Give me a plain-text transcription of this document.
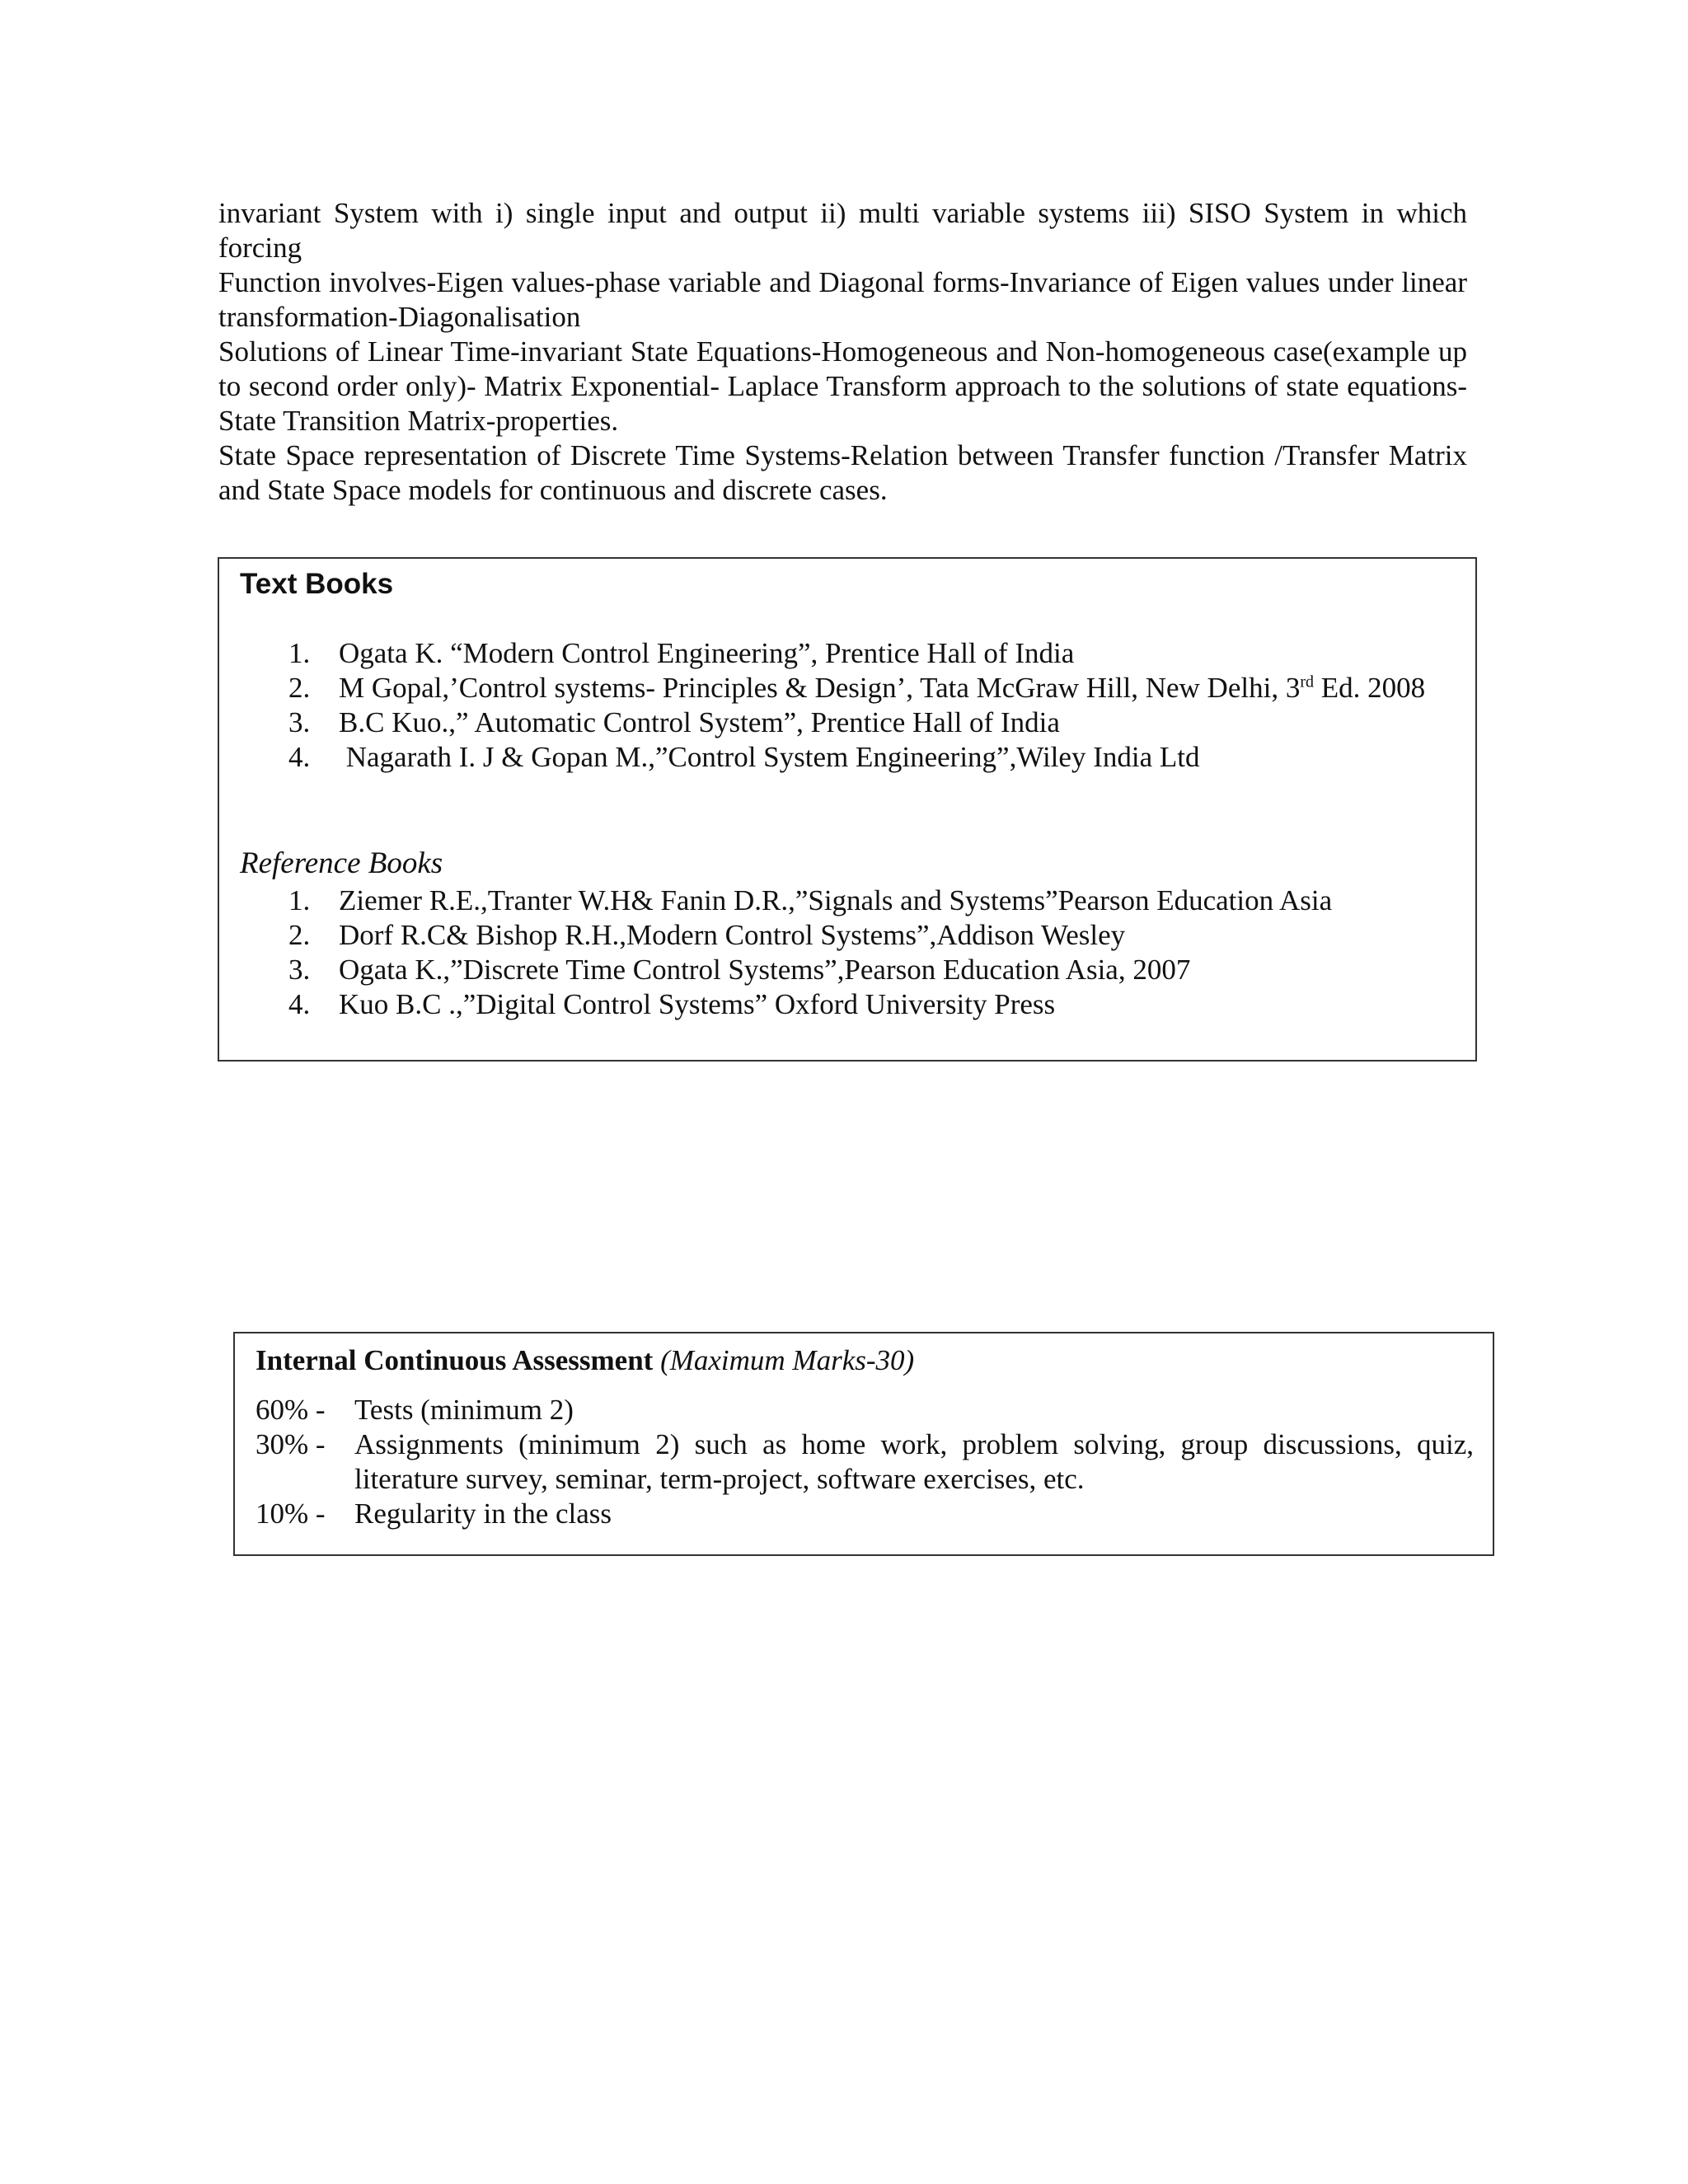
invariant System with i) single input and output ii) multi variable systems iii) SISO System in which forcing

Function involves-Eigen values-phase variable and Diagonal forms-Invariance of Eigen values under linear transformation-Diagonalisation

Solutions of Linear Time-invariant State Equations-Homogeneous and Non-homogeneous case(example up to second order only)- Matrix Exponential- Laplace Transform approach to the solutions of state equations-State Transition Matrix-properties.

State Space representation of Discrete Time Systems-Relation between Transfer function /Transfer Matrix and State Space models for continuous and discrete cases.

Text Books
1. Ogata K. “Modern Control Engineering”, Prentice Hall of India
2. M Gopal,’Control systems- Principles & Design’, Tata McGraw Hill, New Delhi, 3rd Ed. 2008
3. B.C Kuo.,” Automatic Control System”, Prentice Hall of India
4. Nagarath I. J & Gopan M.,”Control System Engineering”,Wiley India Ltd
Reference Books
1. Ziemer R.E.,Tranter W.H& Fanin D.R.,”Signals and Systems”Pearson Education Asia
2. Dorf R.C& Bishop R.H.,Modern Control Systems”,Addison Wesley
3. Ogata K.,”Discrete Time Control Systems”,Pearson Education Asia, 2007
4. Kuo B.C .,”Digital Control Systems” Oxford University Press
Internal Continuous Assessment (Maximum Marks-30)
60% - Tests (minimum 2)
30% - Assignments (minimum 2) such as home work, problem solving, group discussions, quiz, literature survey, seminar, term-project, software exercises, etc.
10% - Regularity in the class
